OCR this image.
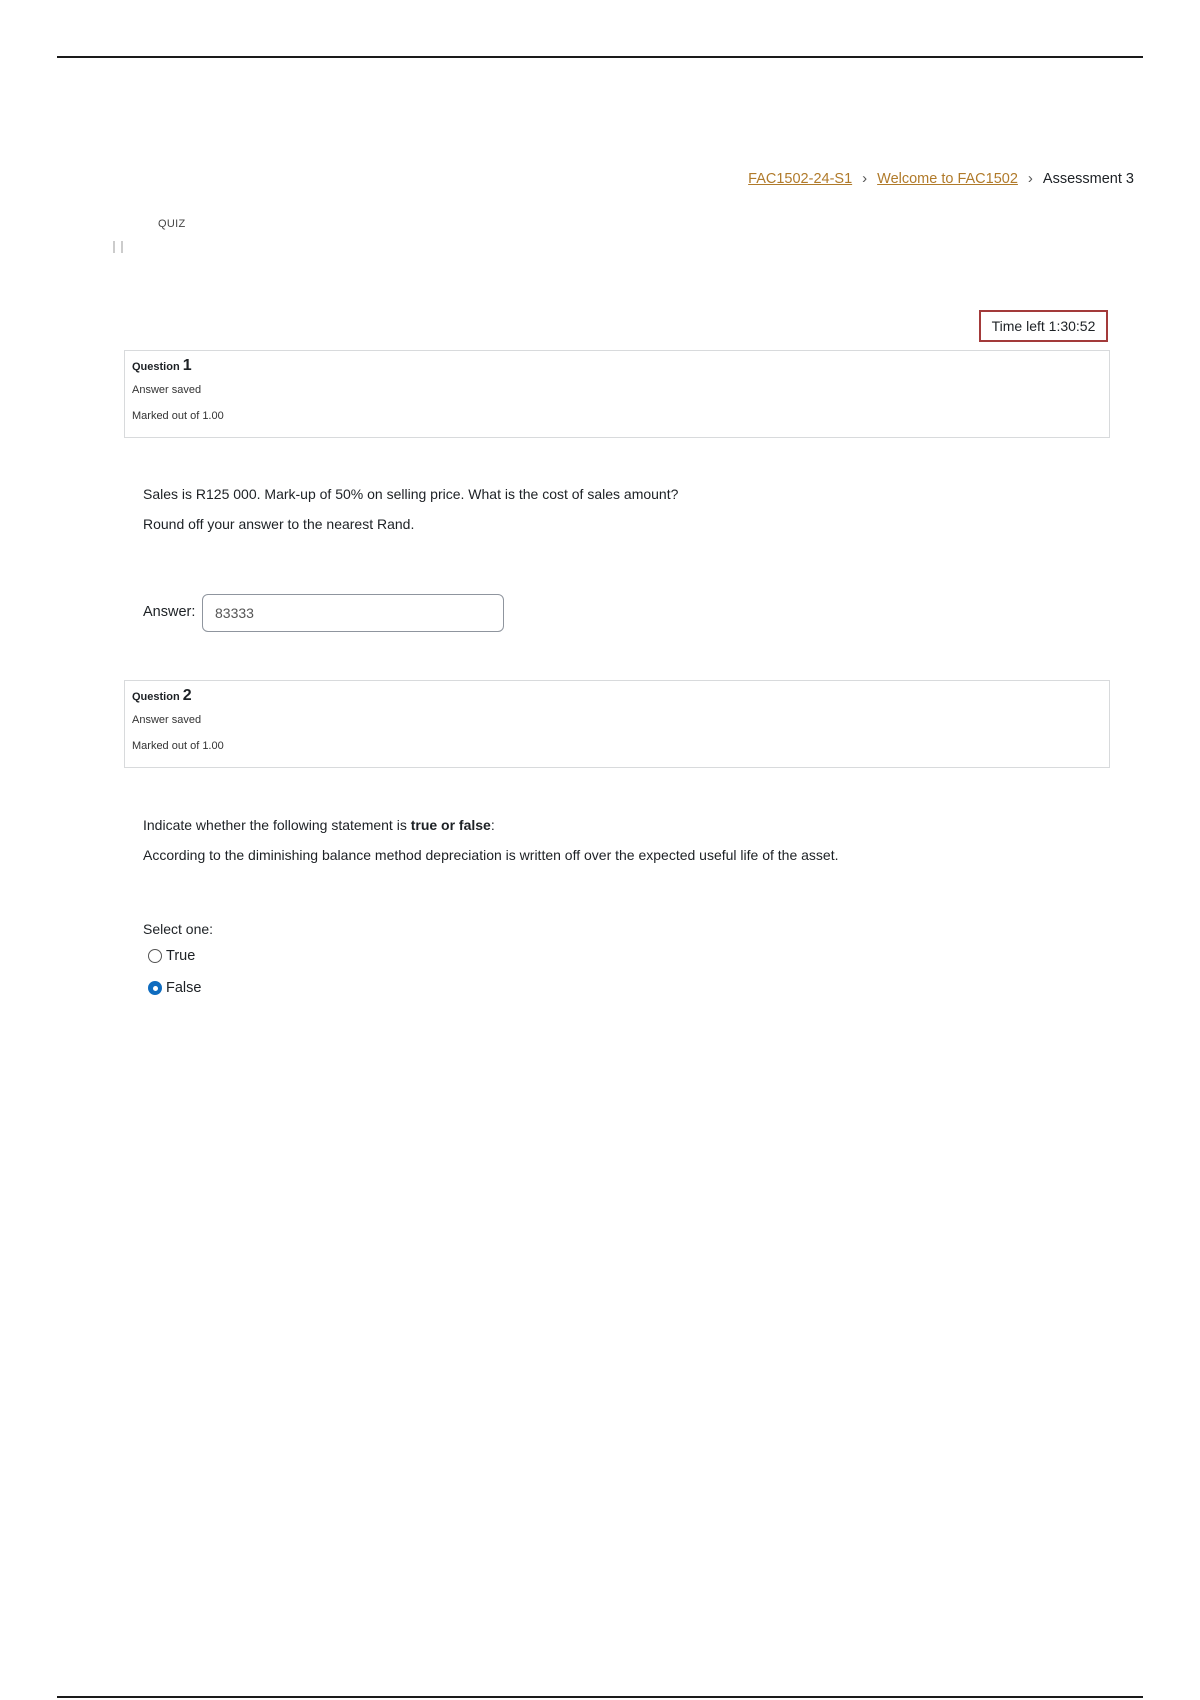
FAC1502-24-S1 › Welcome to FAC1502 › Assessment 3
QUIZ
Time left 1:30:52
Question 1
Answer saved
Marked out of 1.00
Sales is R125 000. Mark-up of 50% on selling price. What is the cost of sales amount?
Round off your answer to the nearest Rand.
Answer:
83333
Question 2
Answer saved
Marked out of 1.00
Indicate whether the following statement is true or false:
According to the diminishing balance method depreciation is written off over the expected useful life of the asset.
Select one:
True
False
